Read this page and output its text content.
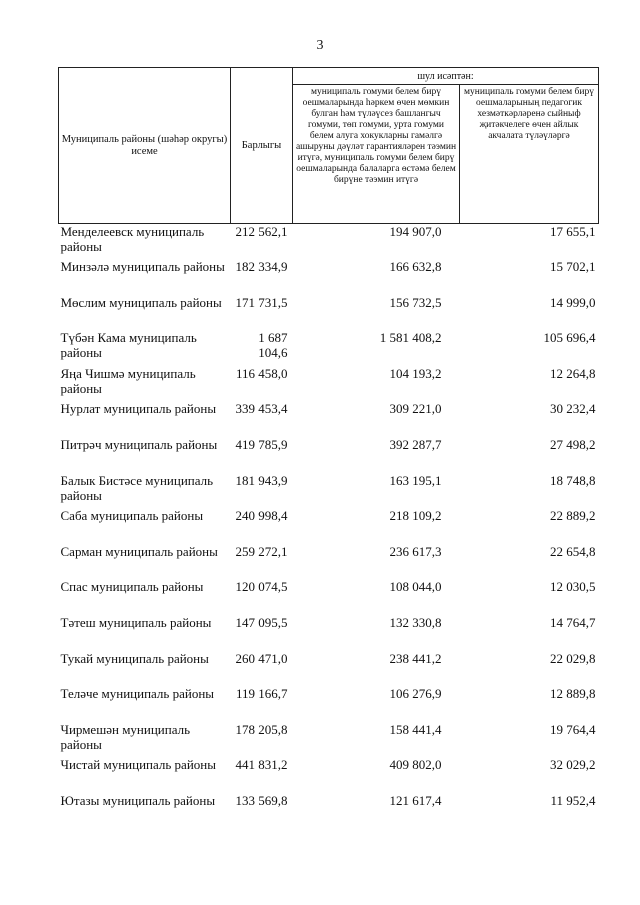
3
Муниципаль районы (шәһәр округы) исеме	Барлыгы	шул исәптән:	
		муниципаль гомуми белем бирү оешмаларында һәркем өчен мөмкин булган һәм түләүсез башлангыч гомуми, төп гомуми, урта гомуми белем алуга хокукларны гамәлгә ашыруны дәүләт гарантияләрен тәэмин итүгә, муниципаль гомуми белем бирү оешмаларында балаларга өстәмә белем бирүне тәэмин итүгә	муниципаль гомуми белем бирү оешмаларының педагогик хезмәткәрләренә сыйныф җитәкчелеге өчен айлык акчалата түләүләргә
Менделеевск муниципаль районы	212 562,1	194 907,0	17 655,1
Минзәлә муниципаль районы	182 334,9	166 632,8	15 702,1
Мөслим муниципаль районы	171 731,5	156 732,5	14 999,0
Түбән Кама муниципаль районы	1 687 104,6	1 581 408,2	105 696,4
Яңа Чишмә муниципаль районы	116 458,0	104 193,2	12 264,8
Нурлат муниципаль районы	339 453,4	309 221,0	30 232,4
Питрәч муниципаль районы	419 785,9	392 287,7	27 498,2
Балык Бистәсе муниципаль районы	181 943,9	163 195,1	18 748,8
Саба муниципаль районы	240 998,4	218 109,2	22 889,2
Сарман муниципаль районы	259 272,1	236 617,3	22 654,8
Спас муниципаль районы	120 074,5	108 044,0	12 030,5
Тәтеш муниципаль районы	147 095,5	132 330,8	14 764,7
Тукай муниципаль районы	260 471,0	238 441,2	22 029,8
Теләче муниципаль районы	119 166,7	106 276,9	12 889,8
Чирмешән муниципаль районы	178 205,8	158 441,4	19 764,4
Чистай муниципаль районы	441 831,2	409 802,0	32 029,2
Ютазы муниципаль районы	133 569,8	121 617,4	11 952,4
